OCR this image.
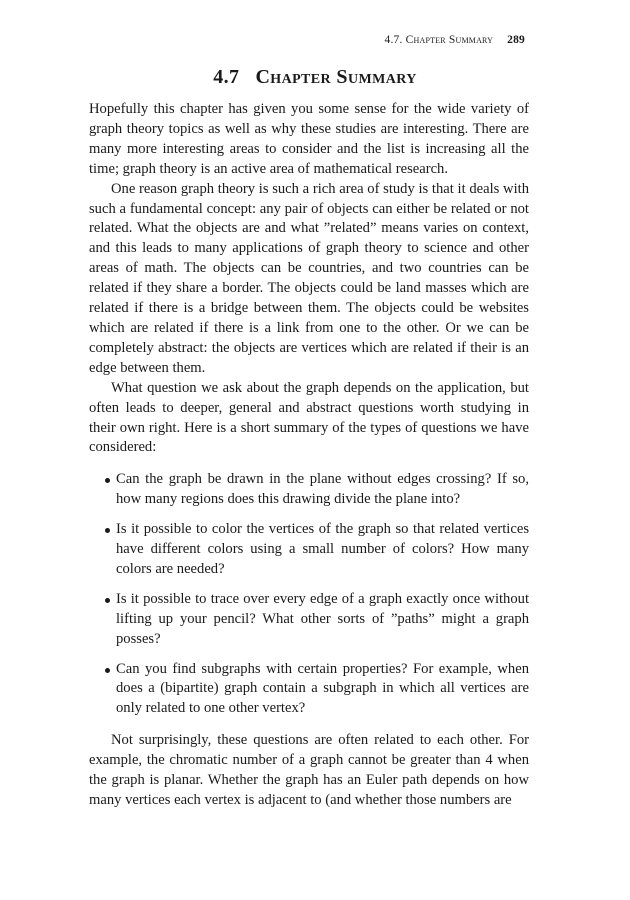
4.7. Chapter Summary 289
4.7 Chapter Summary

Hopefully this chapter has given you some sense for the wide variety of graph theory topics as well as why these studies are interesting. There are many more interesting areas to consider and the list is increasing all the time; graph theory is an active area of mathematical research.

One reason graph theory is such a rich area of study is that it deals with such a fundamental concept: any pair of objects can either be related or not related. What the objects are and what ”related” means varies on context, and this leads to many applications of graph theory to science and other areas of math. The objects can be countries, and two countries can be related if they share a border. The objects could be land masses which are related if there is a bridge between them. The objects could be websites which are related if there is a link from one to the other. Or we can be completely abstract: the objects are vertices which are related if their is an edge between them.

What question we ask about the graph depends on the application, but often leads to deeper, general and abstract questions worth studying in their own right. Here is a short summary of the types of questions we have considered:

Can the graph be drawn in the plane without edges crossing? If so, how many regions does this drawing divide the plane into?
Is it possible to color the vertices of the graph so that related vertices have different colors using a small number of colors? How many colors are needed?
Is it possible to trace over every edge of a graph exactly once without lifting up your pencil? What other sorts of ”paths” might a graph posses?
Can you find subgraphs with certain properties? For example, when does a (bipartite) graph contain a subgraph in which all vertices are only related to one other vertex?

Not surprisingly, these questions are often related to each other. For example, the chromatic number of a graph cannot be greater than 4 when the graph is planar. Whether the graph has an Euler path depends on how many vertices each vertex is adjacent to (and whether those numbers are
